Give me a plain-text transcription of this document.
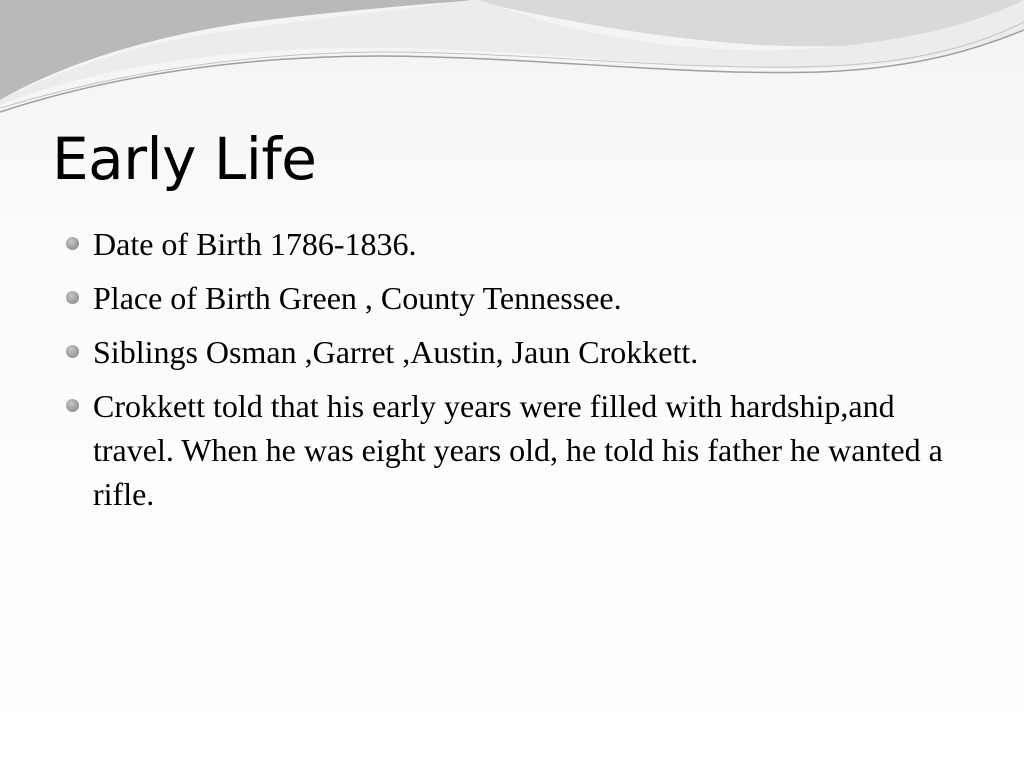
Early Life
Date of Birth 1786-1836.
Place of Birth Green , County Tennessee.
Siblings Osman ,Garret ,Austin, Jaun Crokkett.
Crokkett told that his early years were filled with hardship,and travel. When he was eight years old, he told his father he wanted a rifle.
